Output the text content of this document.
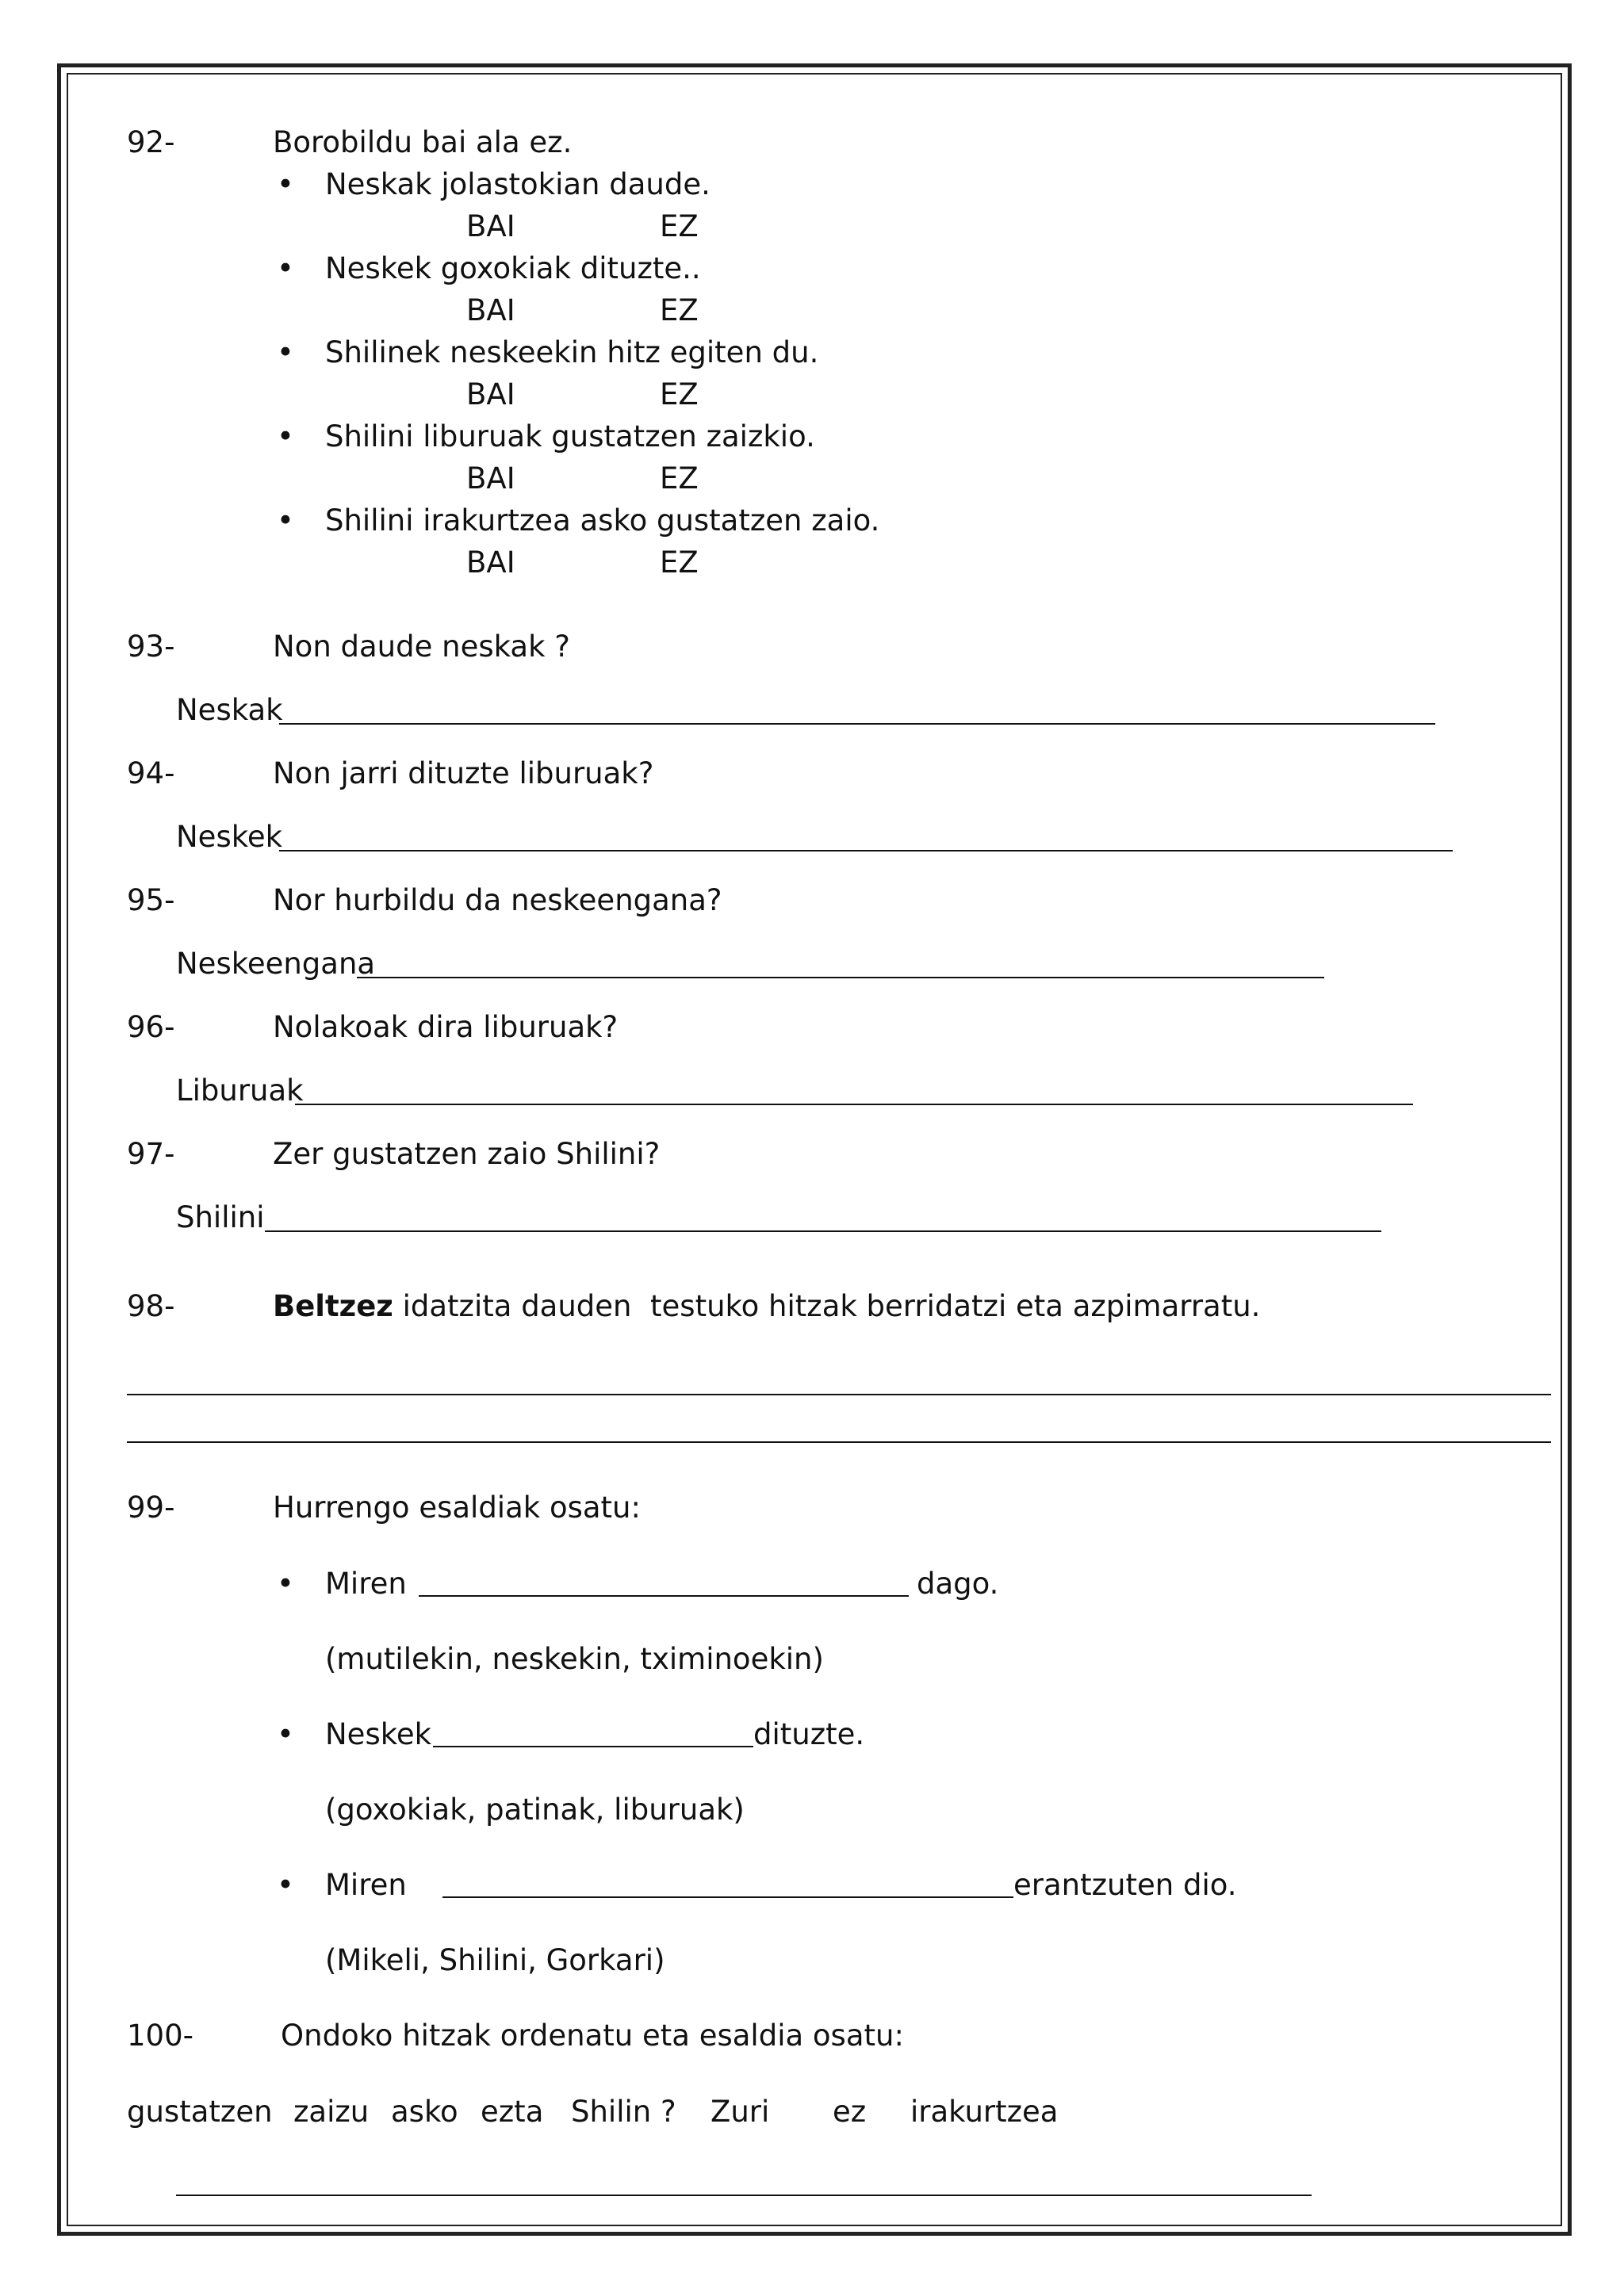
92-	Borobildu bai ala ez.
• Neskak jolastokian daude.
BAI	EZ
• Neskek goxokiak dituzte..
BAI	EZ
• Shilinek neskeekin hitz egiten du.
BAI	EZ
• Shilini liburuak gustatzen zaizkio.
BAI	EZ
• Shilini irakurtzea asko gustatzen zaio.
BAI	EZ
93-	Non daude neskak ?
Neskak
94-	Non jarri dituzte liburuak?
Neskek
95-	Nor hurbildu da neskeengana?
Neskeengana
96-	Nolakoak dira liburuak?
Liburuak
97-	Zer gustatzen zaio Shilini?
Shilini
98-	Beltzez idatzita dauden  testuko hitzak berridatzi eta azpimarratu.
99-	Hurrengo esaldiak osatu:
• Miren	dago.
(mutilekin, neskekin, tximinoekin)
• Neskek	dituzte.
(goxokiak, patinak, liburuak)
• Miren	erantzuten dio.
(Mikeli, Shilini, Gorkari)
100-	Ondoko hitzak ordenatu eta esaldia osatu:
gustatzen zaizu asko ezta Shilin ? Zuri ez irakurtzea
